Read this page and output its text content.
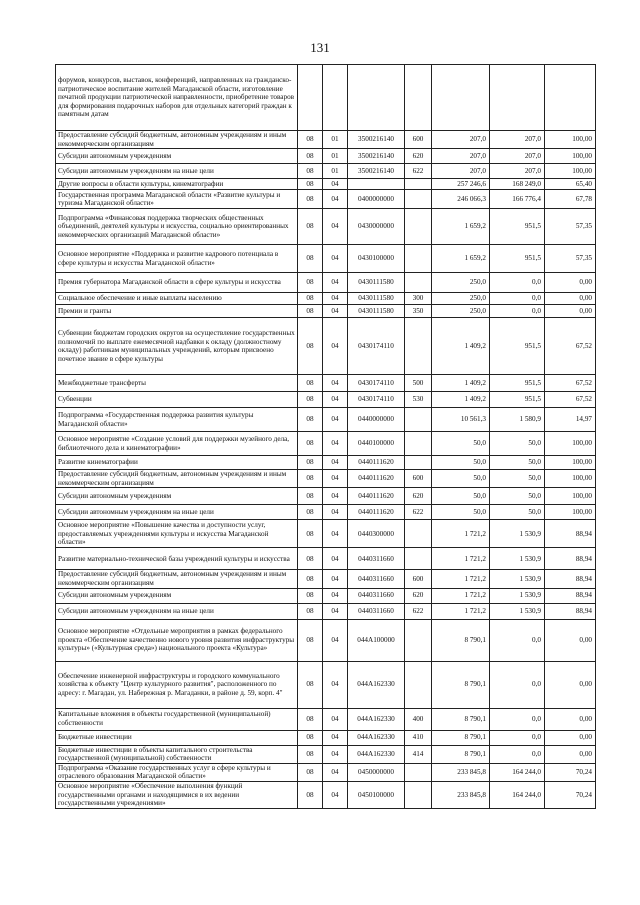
131
форумов, конкурсов, выставок, конференций, направленных на гражданско-патриотическое воспитание жителей Магаданской области, изготовление печатной продукции патриотической направленности, приобретение товаров для формирования подарочных наборов для отдельных категорий граждан к памятным датам							
Предоставление субсидий бюджетным, автономным учреждениям и иным некоммерческим организациям	08	01	3500216140	600	207,0	207,0	100,00
Субсидии автономным учреждениям	08	01	3500216140	620	207,0	207,0	100,00
Субсидии автономным учреждениям на иные цели	08	01	3500216140	622	207,0	207,0	100,00
Другие вопросы в области культуры, кинематографии	08	04			257 246,6	168 249,0	65,40
Государственная программа Магаданской области «Развитие культуры и туризма Магаданской области»	08	04	0400000000		246 066,3	166 776,4	67,78
Подпрограмма «Финансовая поддержка творческих общественных объединений, деятелей культуры и искусства, социально ориентированных некоммерческих организаций Магаданской области»	08	04	0430000000		1 659,2	951,5	57,35
Основное мероприятие «Поддержка и развитие кадрового потенциала в сфере культуры и искусства Магаданской области»	08	04	0430100000		1 659,2	951,5	57,35
Премия губернатора Магаданской области в сфере культуры и искусства	08	04	0430111580		250,0	0,0	0,00
Социальное обеспечение и иные выплаты населению	08	04	0430111580	300	250,0	0,0	0,00
Премии и гранты	08	04	0430111580	350	250,0	0,0	0,00
Субвенции бюджетам городских округов на осуществление государственных полномочий по выплате ежемесячной надбавки к окладу (должностному окладу) работникам муниципальных учреждений, которым присвоено почетное звание в сфере культуры	08	04	0430174110		1 409,2	951,5	67,52
Межбюджетные трансферты	08	04	0430174110	500	1 409,2	951,5	67,52
Субвенции	08	04	0430174110	530	1 409,2	951,5	67,52
Подпрограмма «Государственная поддержка развития культуры Магаданской области»	08	04	0440000000		10 561,3	1 580,9	14,97
Основное мероприятие «Создание условий для поддержки музейного дела, библиотечного дела и кинематографии»	08	04	0440100000		50,0	50,0	100,00
Развитие кинематографии	08	04	0440111620		50,0	50,0	100,00
Предоставление субсидий бюджетным, автономным учреждениям и иным некоммерческим организациям	08	04	0440111620	600	50,0	50,0	100,00
Субсидии автономным учреждениям	08	04	0440111620	620	50,0	50,0	100,00
Субсидии автономным учреждениям на иные цели	08	04	0440111620	622	50,0	50,0	100,00
Основное мероприятие «Повышение качества и доступности услуг, предоставляемых учреждениями культуры и искусства Магаданской области»	08	04	0440300000		1 721,2	1 530,9	88,94
Развитие материально-технической базы учреждений культуры и искусства	08	04	0440311660		1 721,2	1 530,9	88,94
Предоставление субсидий бюджетным, автономным учреждениям и иным некоммерческим организациям	08	04	0440311660	600	1 721,2	1 530,9	88,94
Субсидии автономным учреждениям	08	04	0440311660	620	1 721,2	1 530,9	88,94
Субсидии автономным учреждениям на иные цели	08	04	0440311660	622	1 721,2	1 530,9	88,94
Основное мероприятие «Отдельные мероприятия в рамках федерального проекта «Обеспечение качественно нового уровня развития инфраструктуры культуры» («Культурная среда») национального проекта «Культура»	08	04	044А100000		8 790,1	0,0	0,00
Обеспечение инженерной инфраструктуры и городского коммунального хозяйства к объекту "Центр культурного развития", расположенного по адресу: г. Магадан, ул. Набережная р. Магаданки, в районе д. 59, корп. 4"	08	04	044А162330		8 790,1	0,0	0,00
Капитальные вложения в объекты государственной (муниципальной) собственности	08	04	044А162330	400	8 790,1	0,0	0,00
Бюджетные инвестиции	08	04	044А162330	410	8 790,1	0,0	0,00
Бюджетные инвестиции в объекты капитального строительства государственной (муниципальной) собственности	08	04	044А162330	414	8 790,1	0,0	0,00
Подпрограмма «Оказание государственных услуг в сфере культуры и отраслевого образования Магаданской области»	08	04	0450000000		233 845,8	164 244,0	70,24
Основное мероприятие «Обеспечение выполнения функций государственными органами и находящимися в их ведении государственными учреждениями»	08	04	0450100000		233 845,8	164 244,0	70,24
